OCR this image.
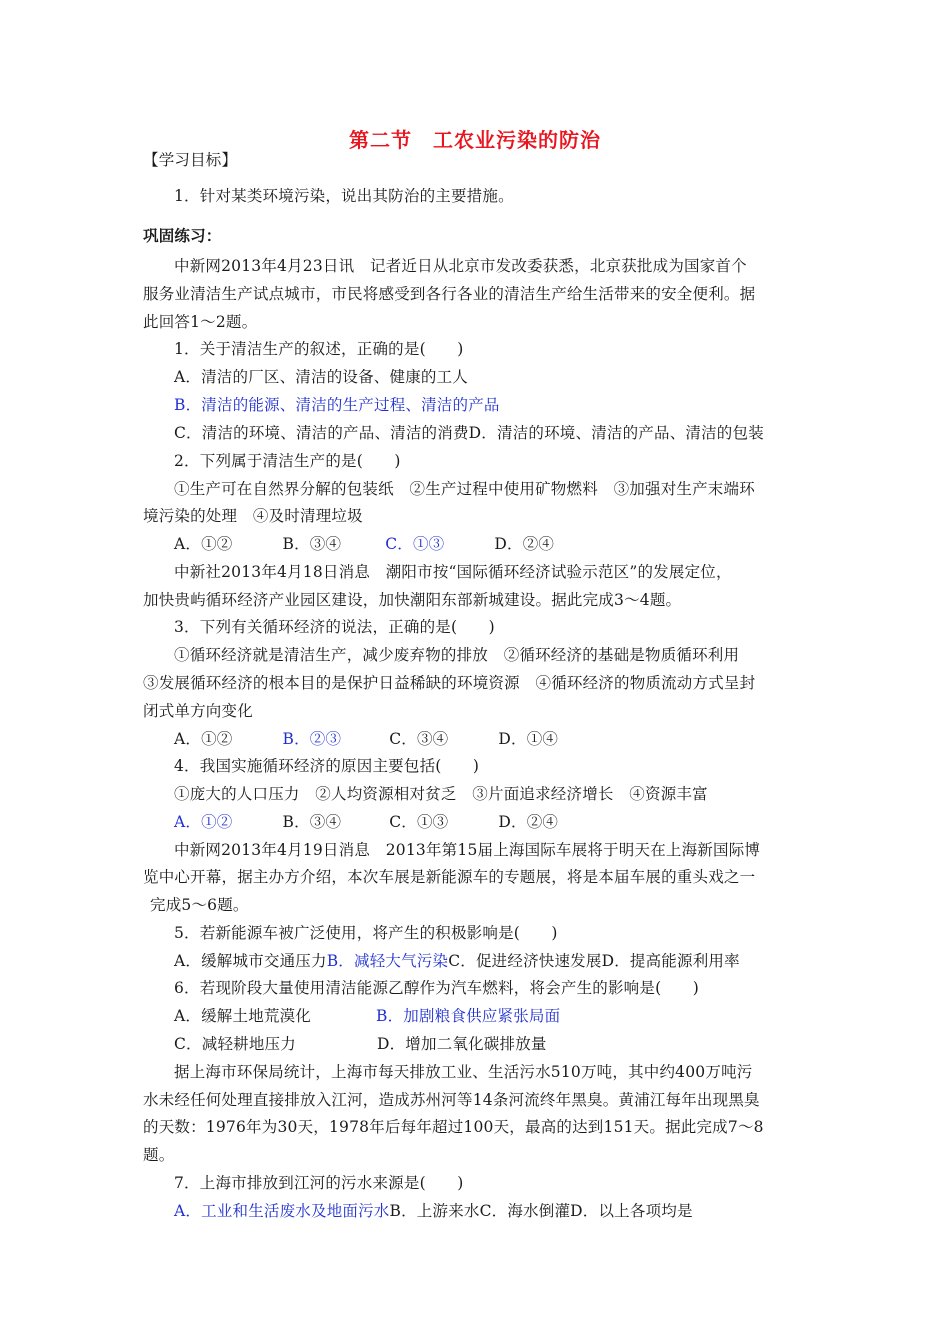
第二节　工农业污染的防治
【学习目标】
1．针对某类环境污染，说出其防治的主要措施。
巩固练习：
中新网2013年4月23日讯　记者近日从北京市发改委获悉，北京获批成为国家首个
服务业清洁生产试点城市，市民将感受到各行各业的清洁生产给生活带来的安全便利。据
此回答1～2题。
1．关于清洁生产的叙述，正确的是(　　)
A．清洁的厂区、清洁的设备、健康的工人
B．清洁的能源、清洁的生产过程、清洁的产品
C．清洁的环境、清洁的产品、清洁的消费D．清洁的环境、清洁的产品、清洁的包装
2．下列属于清洁生产的是(　　)
①生产可在自然界分解的包装纸　②生产过程中使用矿物燃料　③加强对生产末端环
境污染的处理　④及时清理垃圾
A．①②	B．③④	C．①③	D．②④
中新社2013年4月18日消息　潮阳市按“国际循环经济试验示范区”的发展定位，
加快贵屿循环经济产业园区建设，加快潮阳东部新城建设。据此完成3～4题。
3．下列有关循环经济的说法，正确的是(　　)
①循环经济就是清洁生产，减少废弃物的排放　②循环经济的基础是物质循环利用
③发展循环经济的根本目的是保护日益稀缺的环境资源　④循环经济的物质流动方式呈封
闭式单方向变化
A．①②	B．②③	C．③④	D．①④
4．我国实施循环经济的原因主要包括(　　)
①庞大的人口压力　②人均资源相对贫乏　③片面追求经济增长　④资源丰富
A．①②	B．③④	C．①③	D．②④
中新网2013年4月19日消息　2013年第15届上海国际车展将于明天在上海新国际博
览中心开幕，据主办方介绍，本次车展是新能源车的专题展，将是本届车展的重头戏之一
完成5～6题。
5．若新能源车被广泛使用，将产生的积极影响是(　　)
A．缓解城市交通压力B．减轻大气污染C．促进经济快速发展D．提高能源利用率
6．若现阶段大量使用清洁能源乙醇作为汽车燃料，将会产生的影响是(　　)
A．缓解土地荒漠化	B．加剧粮食供应紧张局面
C．减轻耕地压力	D．增加二氧化碳排放量
据上海市环保局统计，上海市每天排放工业、生活污水510万吨，其中约400万吨污
水未经任何处理直接排放入江河，造成苏州河等14条河流终年黑臭。黄浦江每年出现黑臭
的天数：1976年为30天，1978年后每年超过100天，最高的达到151天。据此完成7～8
题。
7．上海市排放到江河的污水来源是(　　)
A．工业和生活废水及地面污水B．上游来水C．海水倒灌D．以上各项均是
